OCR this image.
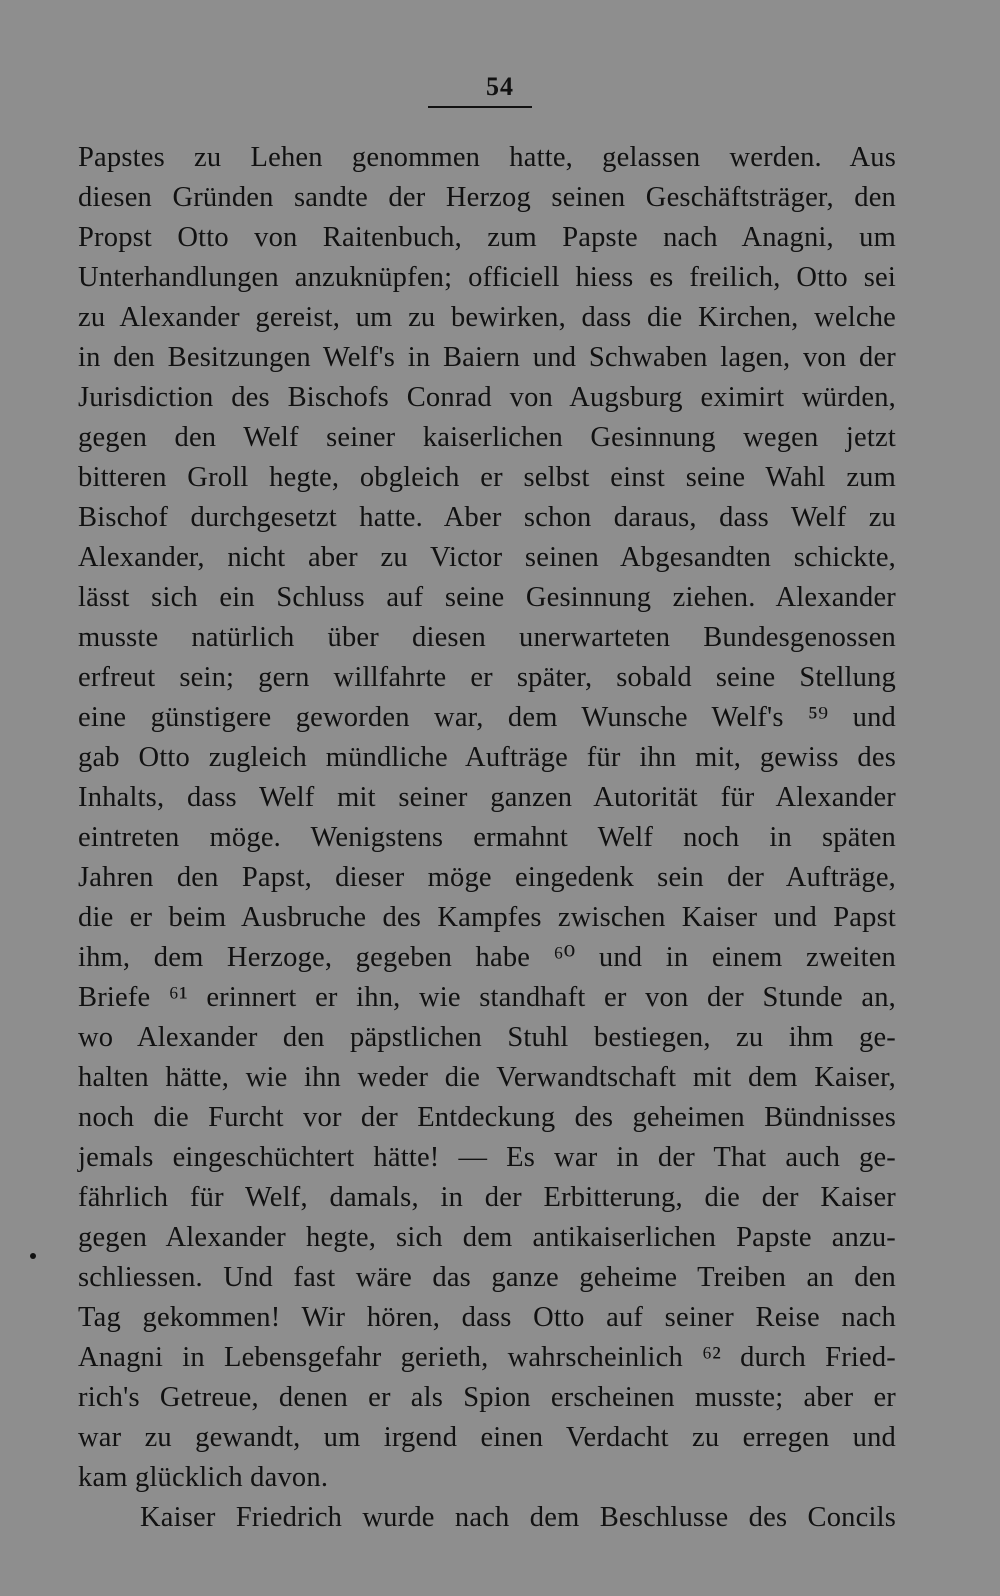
54
Papstes zu Lehen genommen hatte, gelassen werden. Aus
diesen Gründen sandte der Herzog seinen Geschäftsträger, den
Propst Otto von Raitenbuch, zum Papste nach Anagni, um
Unterhandlungen anzuknüpfen; officiell hiess es freilich, Otto sei
zu Alexander gereist, um zu bewirken, dass die Kirchen, welche
in den Besitzungen Welf's in Baiern und Schwaben lagen, von der
Jurisdiction des Bischofs Conrad von Augsburg eximirt würden,
gegen den Welf seiner kaiserlichen Gesinnung wegen jetzt
bitteren Groll hegte, obgleich er selbst einst seine Wahl zum
Bischof durchgesetzt hatte. Aber schon daraus, dass Welf zu
Alexander, nicht aber zu Victor seinen Abgesandten schickte,
lässt sich ein Schluss auf seine Gesinnung ziehen. Alexander
musste natürlich über diesen unerwarteten Bundesgenossen
erfreut sein; gern willfahrte er später, sobald seine Stellung
eine günstigere geworden war, dem Wunsche Welf's ⁵⁹ und
gab Otto zugleich mündliche Aufträge für ihn mit, gewiss des
Inhalts, dass Welf mit seiner ganzen Autorität für Alexander
eintreten möge. Wenigstens ermahnt Welf noch in späten
Jahren den Papst, dieser möge eingedenk sein der Aufträge,
die er beim Ausbruche des Kampfes zwischen Kaiser und Papst
ihm, dem Herzoge, gegeben habe ⁶⁰ und in einem zweiten
Briefe ⁶¹ erinnert er ihn, wie standhaft er von der Stunde an,
wo Alexander den päpstlichen Stuhl bestiegen, zu ihm ge-
halten hätte, wie ihn weder die Verwandtschaft mit dem Kaiser,
noch die Furcht vor der Entdeckung des geheimen Bündnisses
jemals eingeschüchtert hätte! — Es war in der That auch ge-
fährlich für Welf, damals, in der Erbitterung, die der Kaiser
gegen Alexander hegte, sich dem antikaiserlichen Papste anzu-
schliessen. Und fast wäre das ganze geheime Treiben an den
Tag gekommen! Wir hören, dass Otto auf seiner Reise nach
Anagni in Lebensgefahr gerieth, wahrscheinlich ⁶² durch Fried-
rich's Getreue, denen er als Spion erscheinen musste; aber er
war zu gewandt, um irgend einen Verdacht zu erregen und
kam glücklich davon.
Kaiser Friedrich wurde nach dem Beschlusse des Concils
